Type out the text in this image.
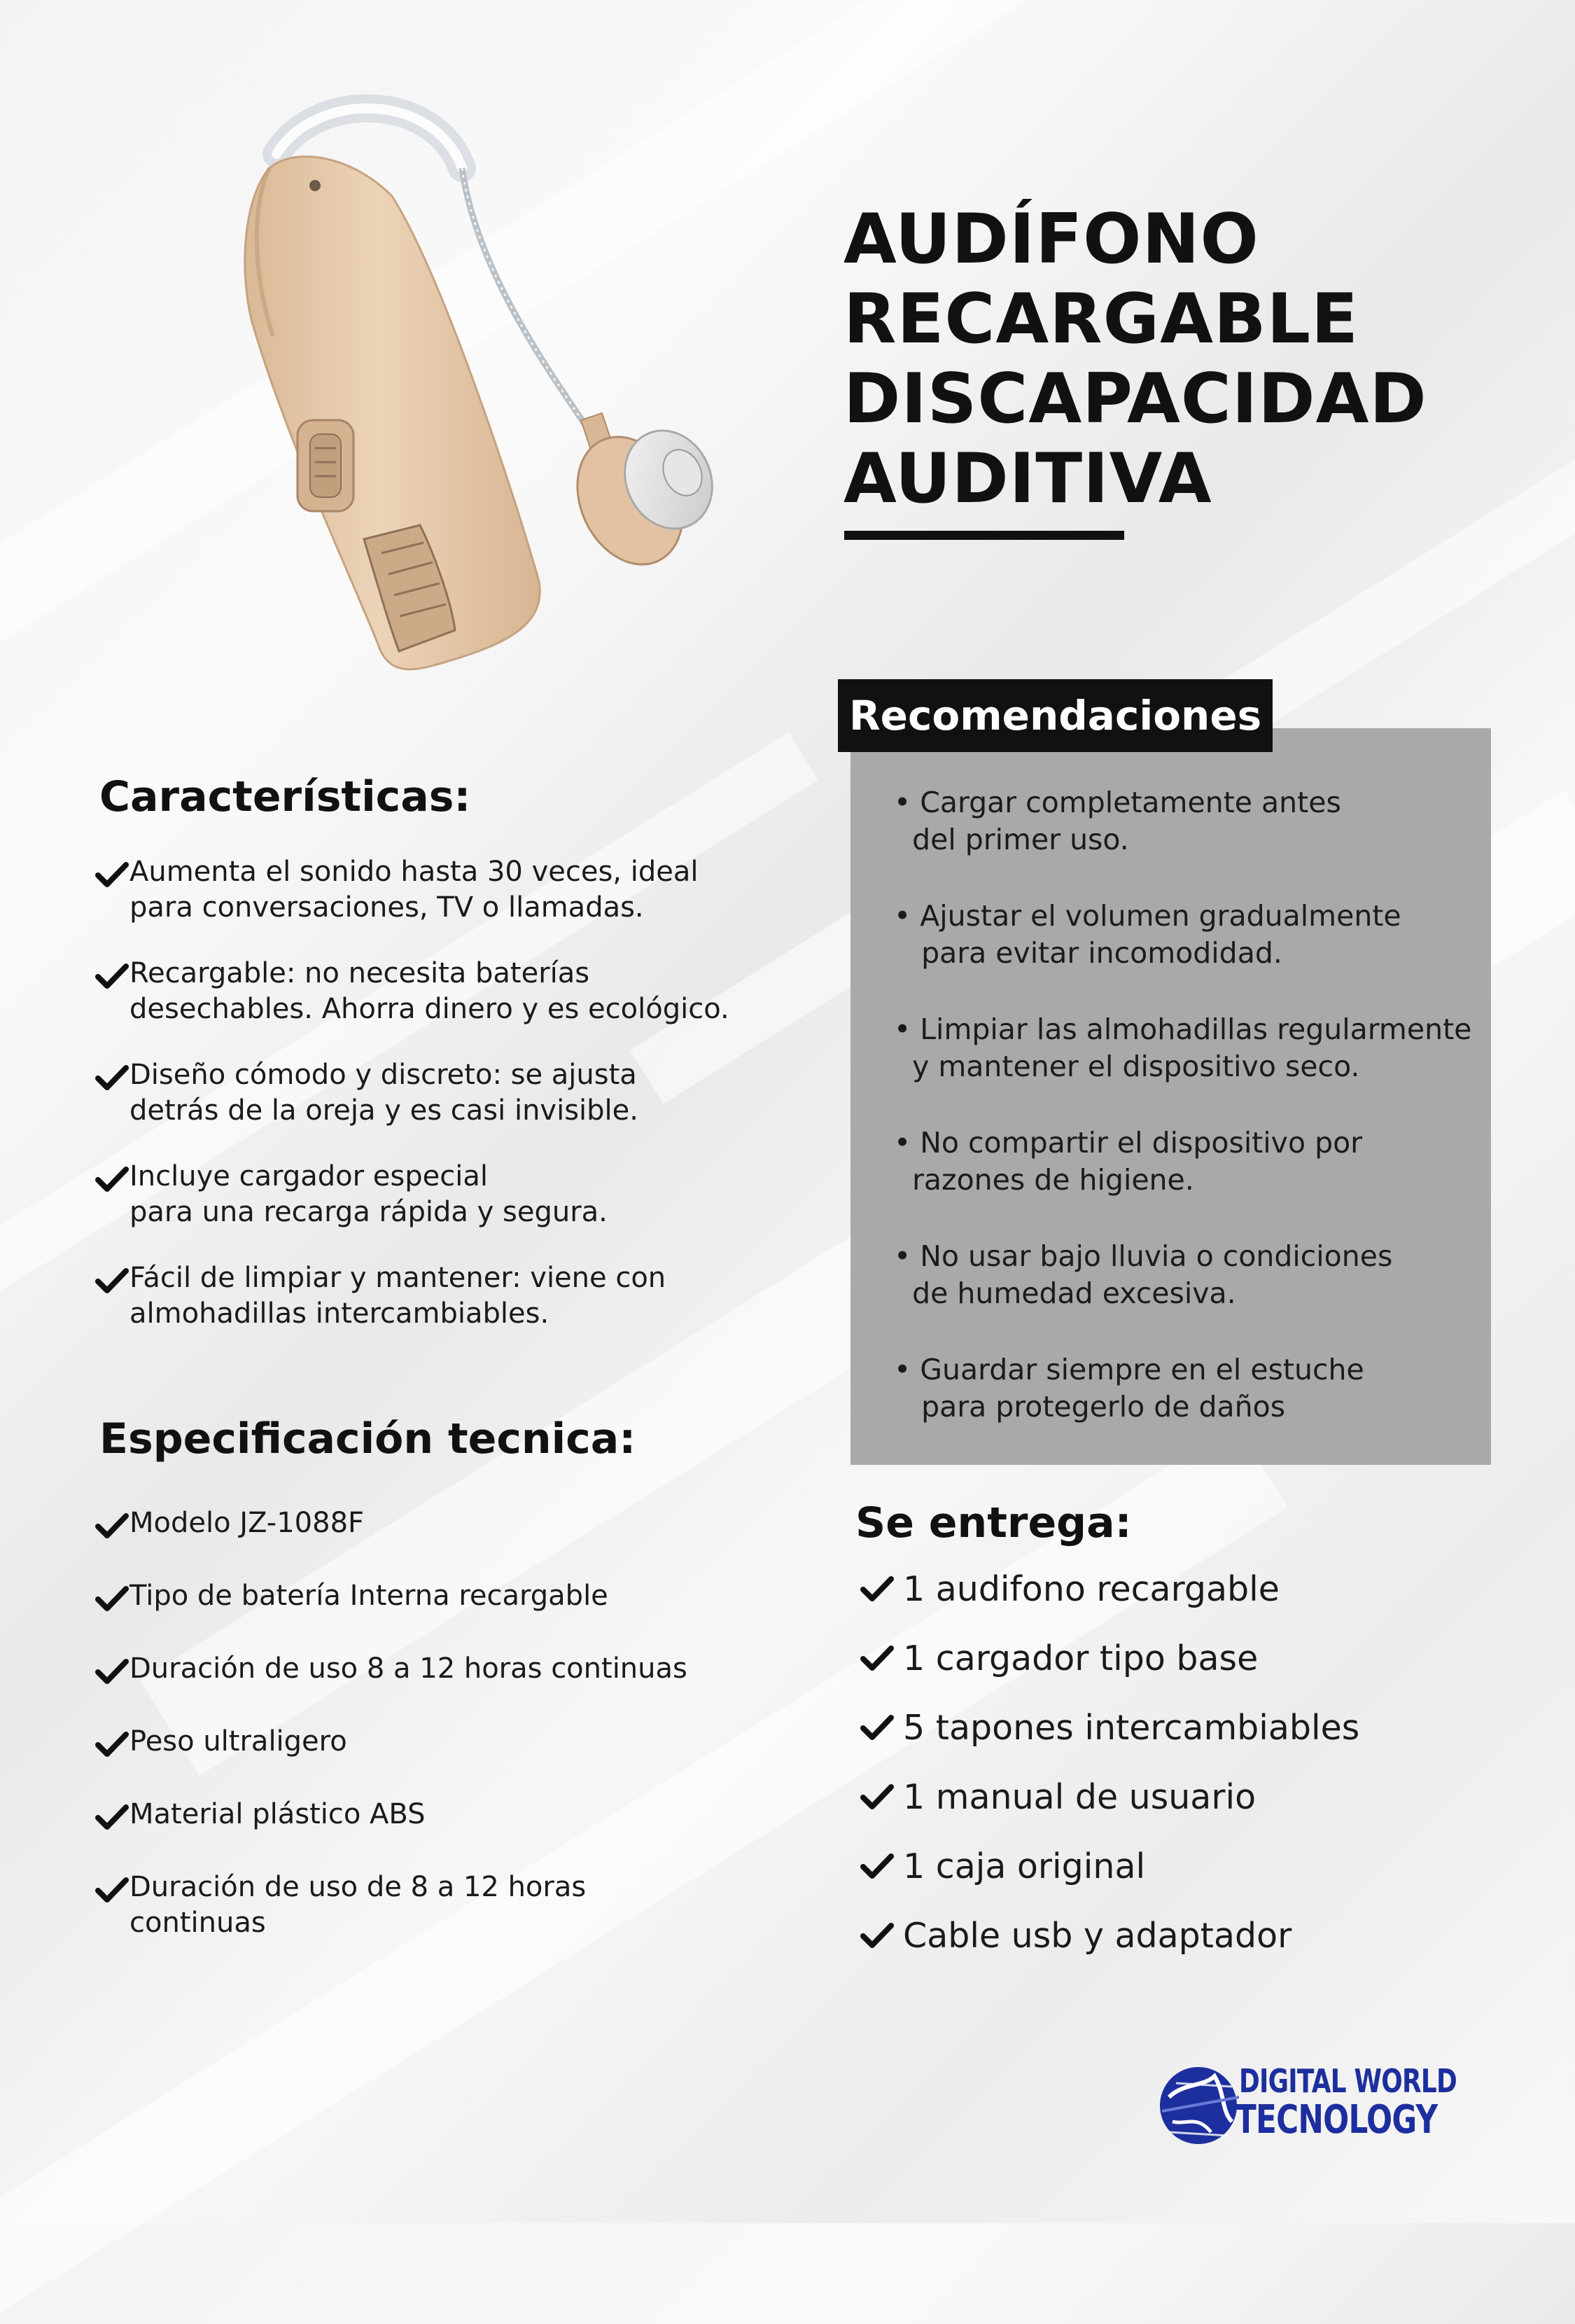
AUDÍFONO
RECARGABLE
DISCAPACIDAD
AUDITIVA
Características:
Aumenta el sonido hasta 30 veces, ideal
para conversaciones, TV o llamadas.
Recargable: no necesita baterías
desechables. Ahorra dinero y es ecológico.
Diseño cómodo y discreto: se ajusta
detrás de la oreja y es casi invisible.
Incluye cargador especial
para una recarga rápida y segura.
Fácil de limpiar y mantener: viene con
almohadillas intercambiables.
Especificación tecnica:
Modelo JZ-1088F
Tipo de batería Interna recargable
Duración de uso 8 a 12 horas continuas
Peso ultraligero
Material plástico ABS
Duración de uso de 8 a 12 horas
continuas
Recomendaciones
• Cargar completamente antes
del primer uso.
• Ajustar el volumen gradualmente
para evitar incomodidad.
• Limpiar las almohadillas regularmente
y mantener el dispositivo seco.
• No compartir el dispositivo por
razones de higiene.
• No usar bajo lluvia o condiciones
de humedad excesiva.
• Guardar siempre en el estuche
para protegerlo de daños
Se entrega:
1 audifono recargable
1 cargador tipo base
5 tapones intercambiables
1 manual de usuario
1 caja original
Cable usb y adaptador
DIGITAL WORLD
TECNOLOGY
